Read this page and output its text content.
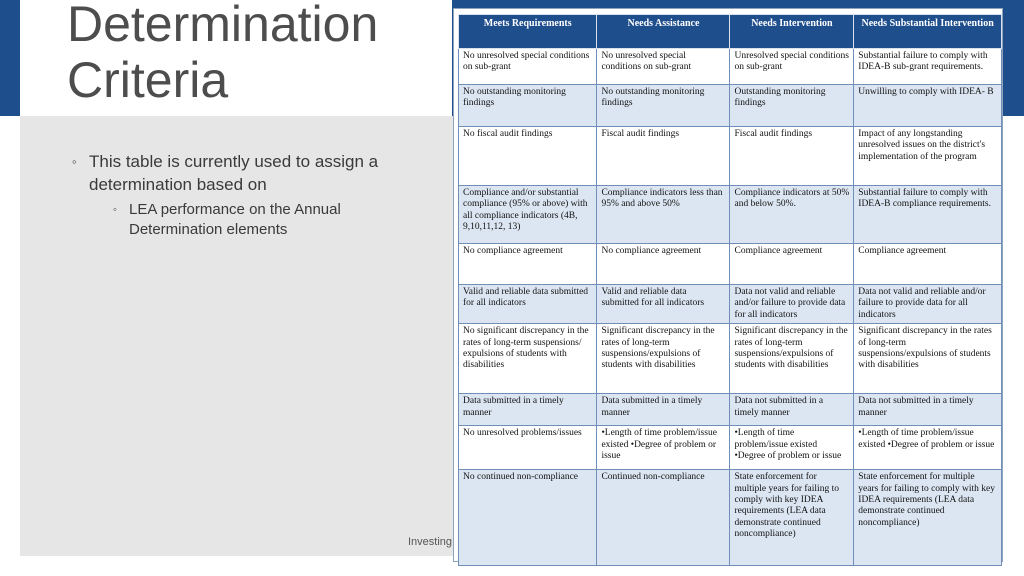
Determination
Criteria
◦ This table is currently used to assign a determination based on
◦ LEA performance on the Annual Determination elements
Investing
Meets Requirements	Needs Assistance	Needs Intervention	Needs Substantial Intervention
No unresolved special conditions on sub-grant	No unresolved special conditions on sub-grant	Unresolved special conditions on sub-grant	Substantial failure to comply with IDEA-B sub-grant requirements.
No outstanding monitoring findings	No outstanding monitoring findings	Outstanding monitoring findings	Unwilling to comply with IDEA- B
No fiscal audit findings	Fiscal audit findings	Fiscal audit findings	Impact of any longstanding unresolved issues on the district's implementation of the program
Compliance and/or substantial compliance (95% or above) with all compliance indicators (4B, 9,10,11,12, 13)	Compliance indicators less than 95% and above 50%	Compliance indicators at 50% and below 50%.	Substantial failure to comply with IDEA-B compliance requirements.
No compliance agreement	No compliance agreement	Compliance agreement	Compliance agreement
Valid and reliable data submitted for all indicators	Valid and reliable data submitted for all indicators	Data not valid and reliable and/or failure to provide data for all indicators	Data not valid and reliable and/or failure to provide data for all indicators
No significant discrepancy in the rates of long-term suspensions/ expulsions of students with disabilities	Significant discrepancy in the rates of long-term suspensions/expulsions of students with disabilities	Significant discrepancy in the rates of long-term suspensions/expulsions of students with disabilities	Significant discrepancy in the rates of long-term suspensions/expulsions of students with disabilities
Data submitted in a timely manner	Data submitted in a timely manner	Data not submitted in a timely manner	Data not submitted in a timely manner
No unresolved problems/issues	•Length of time problem/issue existed •Degree of problem or issue	•Length of time problem/issue existed •Degree of problem or issue	•Length of time problem/issue existed •Degree of problem or issue
No continued non-compliance	Continued non-compliance	State enforcement for multiple years for failing to comply with key IDEA requirements (LEA data demonstrate continued noncompliance)	State enforcement for multiple years for failing to comply with key IDEA requirements (LEA data demonstrate continued noncompliance)
